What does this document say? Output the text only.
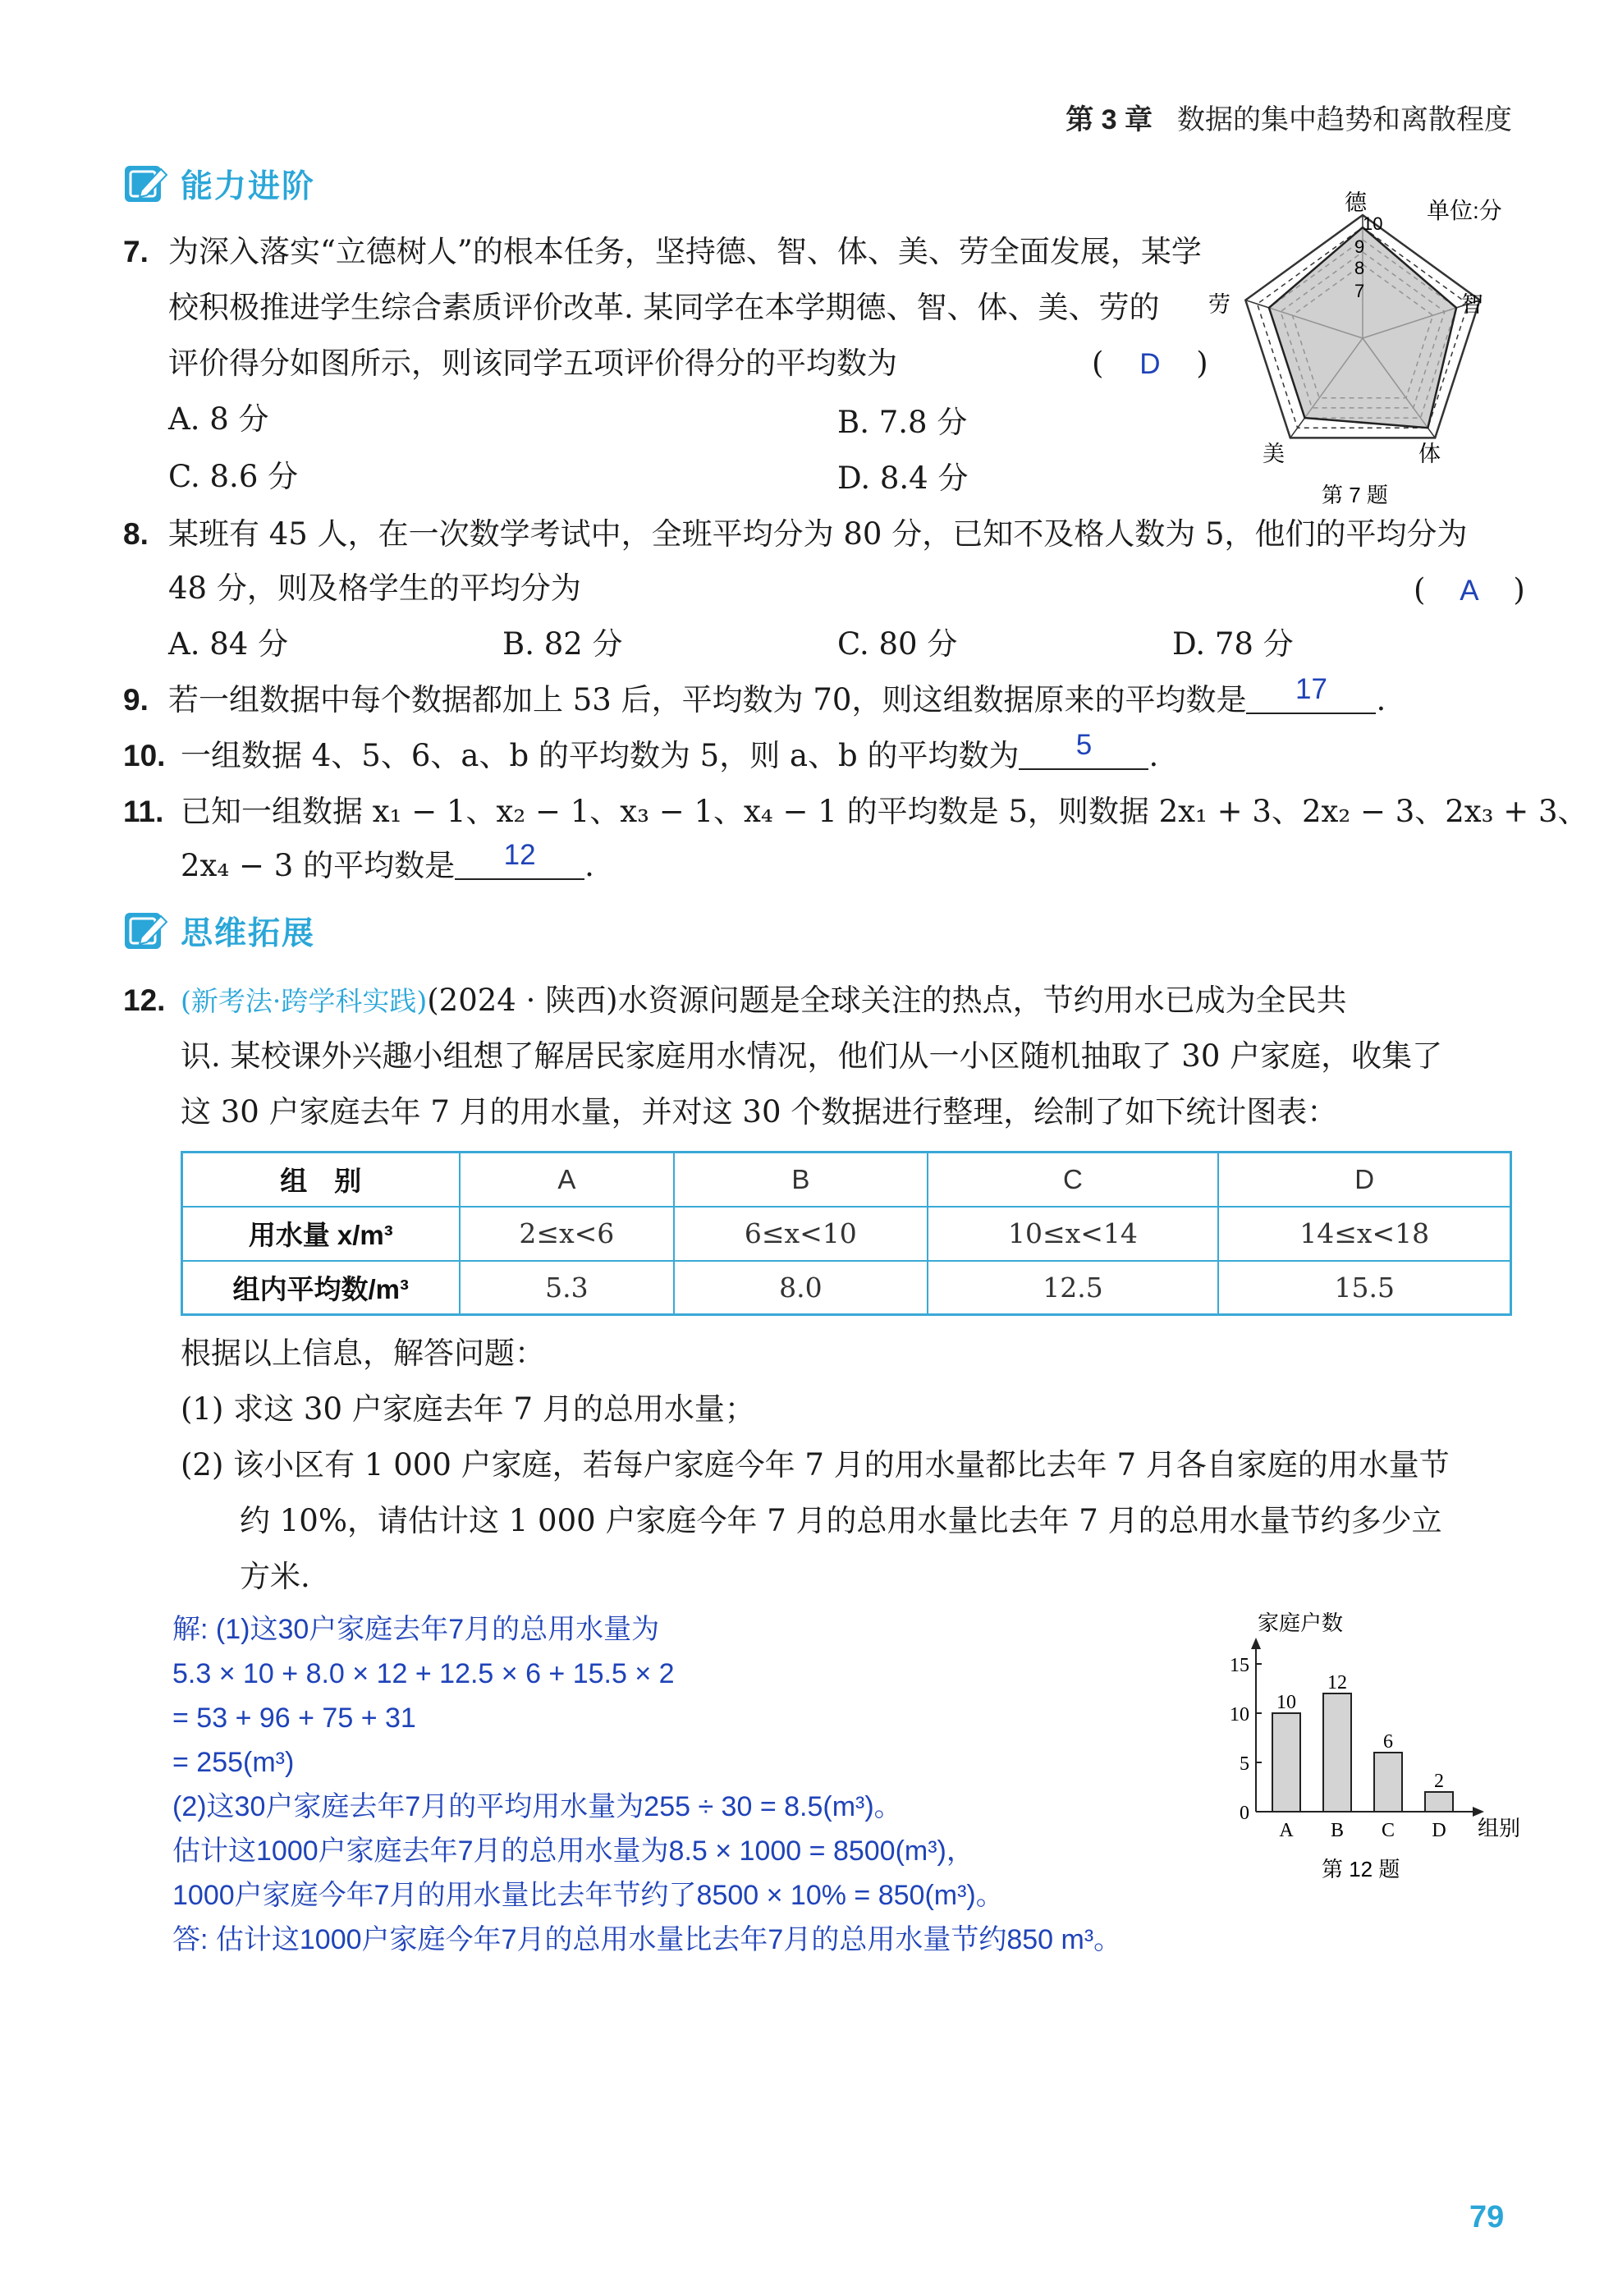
第 3 章 数据的集中趋势和离散程度
能力进阶
7. 为深入落实“立德树人”的根本任务，坚持德、智、体、美、劳全面发展，某学
校积极推进学生综合素质评价改革. 某同学在本学期德、智、体、美、劳的
评价得分如图所示，则该同学五项评价得分的平均数为	( D )
A. 8 分	B. 7.8 分
C. 8.6 分	D. 8.4 分
德
智
体
美
劳
10
9
8
7
单位:分
第 7 题
8. 某班有 45 人，在一次数学考试中，全班平均分为 80 分，已知不及格人数为 5，他们的平均分为
48 分，则及格学生的平均分为	( A )
A. 84 分	B. 82 分	C. 80 分	D. 78 分
9. 若一组数据中每个数据都加上 53 后，平均数为 70，则这组数据原来的平均数是 17 .
10. 一组数据 4、5、6、a、b 的平均数为 5，则 a、b 的平均数为 5 .
11. 已知一组数据 x₁ − 1、x₂ − 1、x₃ − 1、x₄ − 1 的平均数是 5，则数据 2x₁ + 3、2x₂ − 3、2x₃ + 3、
2x₄ − 3 的平均数是 12 .
思维拓展
12. (新考法·跨学科实践)(2024 · 陕西)水资源问题是全球关注的热点，节约用水已成为全民共
识. 某校课外兴趣小组想了解居民家庭用水情况，他们从一小区随机抽取了 30 户家庭，收集了
这 30 户家庭去年 7 月的用水量，并对这 30 个数据进行整理，绘制了如下统计图表：
组　别	A	B	C	D
用水量 x/m³	2≤x<6	6≤x<10	10≤x<14	14≤x<18
组内平均数/m³	5.3	8.0	12.5	15.5
根据以上信息，解答问题：
(1) 求这 30 户家庭去年 7 月的总用水量；
(2) 该小区有 1 000 户家庭，若每户家庭今年 7 月的用水量都比去年 7 月各自家庭的用水量节
约 10%，请估计这 1 000 户家庭今年 7 月的总用水量比去年 7 月的总用水量节约多少立
方米.
解: (1)这30户家庭去年7月的总用水量为
5.3 × 10 + 8.0 × 12 + 12.5 × 6 + 15.5 × 2
= 53 + 96 + 75 + 31
= 255(m³)
(2)这30户家庭去年7月的平均用水量为255 ÷ 30 = 8.5(m³)。
估计这1000户家庭去年7月的总用水量为8.5 × 1000 = 8500(m³)，
1000户家庭今年7月的用水量比去年节约了8500 × 10% = 850(m³)。
答: 估计这1000户家庭今年7月的总用水量比去年7月的总用水量节约850 m³。
0
5
10
15
10
A
12
B
6
C
2
D
家庭户数
组别
第 12 题
79
